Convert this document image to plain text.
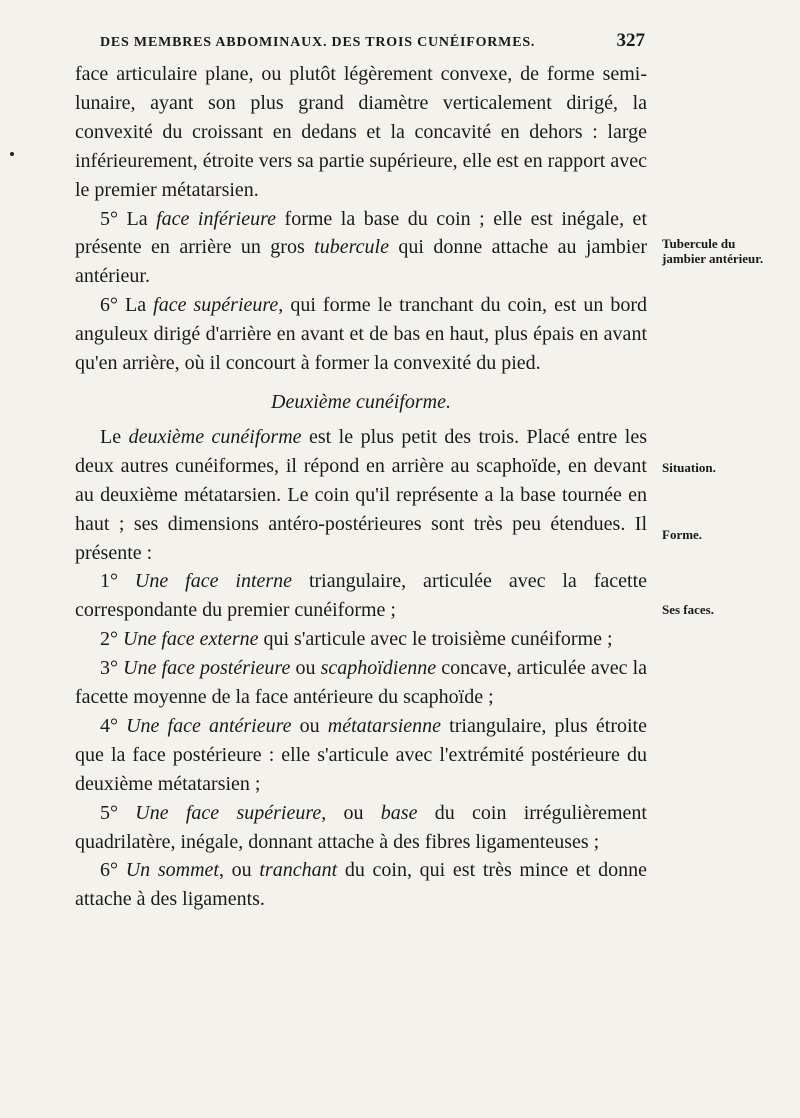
DES MEMBRES ABDOMINAUX. DES TROIS CUNÉIFORMES.	327

face articulaire plane, ou plutôt légèrement convexe, de forme semi-lunaire, ayant son plus grand diamètre verticalement dirigé, la convexité du croissant en dedans et la concavité en dehors : large inférieurement, étroite vers sa partie supérieure, elle est en rapport avec le premier métatarsien.

5° La face inférieure forme la base du coin ; elle est inégale, et présente en arrière un gros tubercule qui donne attache au jambier antérieur.

6° La face supérieure, qui forme le tranchant du coin, est un bord anguleux dirigé d'arrière en avant et de bas en haut, plus épais en avant qu'en arrière, où il concourt à former la convexité du pied.

Deuxième cunéiforme.

Le deuxième cunéiforme est le plus petit des trois. Placé entre les deux autres cunéiformes, il répond en arrière au scaphoïde, en devant au deuxième métatarsien. Le coin qu'il représente a la base tournée en haut ; ses dimensions antéro-postérieures sont très peu étendues. Il présente :

1° Une face interne triangulaire, articulée avec la facette correspondante du premier cunéiforme ;

2° Une face externe qui s'articule avec le troisième cunéiforme ;

3° Une face postérieure ou scaphoïdienne concave, articulée avec la facette moyenne de la face antérieure du scaphoïde ;

4° Une face antérieure ou métatarsienne triangulaire, plus étroite que la face postérieure : elle s'articule avec l'extrémité postérieure du deuxième métatarsien ;

5° Une face supérieure, ou base du coin irrégulièrement quadrilatère, inégale, donnant attache à des fibres ligamenteuses ;

6° Un sommet, ou tranchant du coin, qui est très mince et donne attache à des ligaments.

Tubercule du jambier antérieur.
Situation.
Forme.
Ses faces.
